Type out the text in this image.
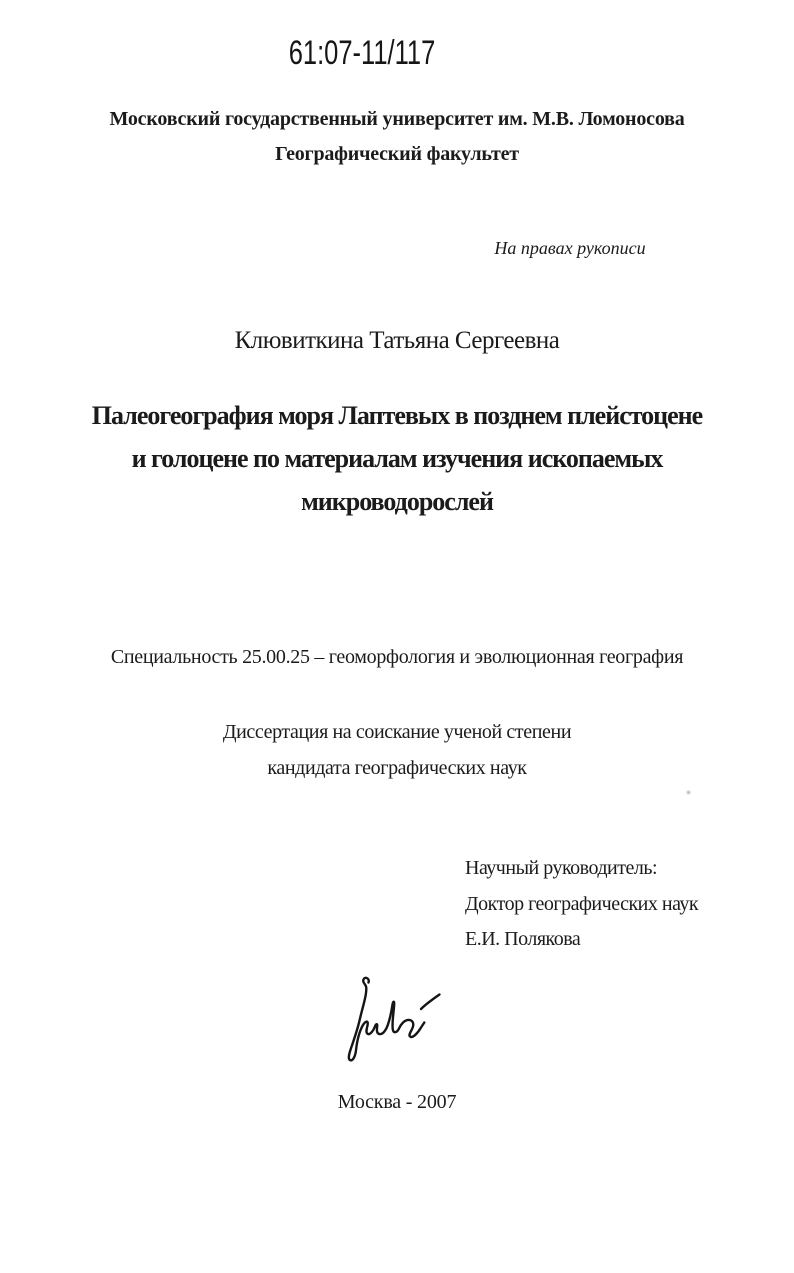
61:07-11/117
Московский государственный университет им. М.В. Ломоносова
Географический факультет
На правах рукописи
Клювиткина Татьяна Сергеевна
Палеогеография моря Лаптевых в позднем плейстоцене
и голоцене по материалам изучения ископаемых
микроводорослей
Специальность 25.00.25 – геоморфология и эволюционная география
Диссертация на соискание ученой степени
кандидата географических наук
Научный руководитель:
Доктор географических наук
Е.И. Полякова
Москва - 2007
